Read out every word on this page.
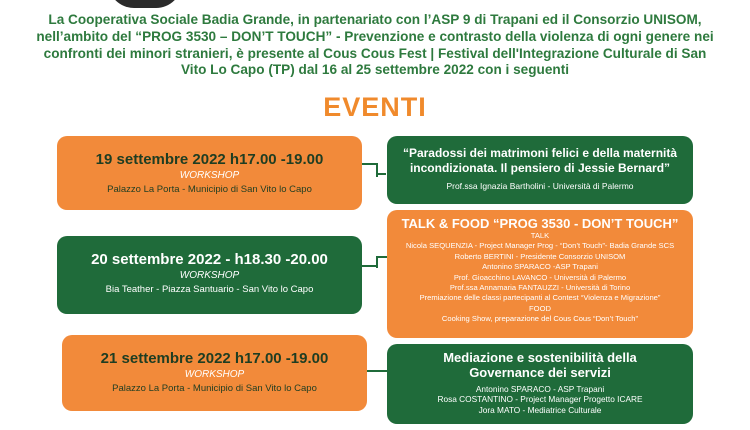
La Cooperativa Sociale Badia Grande, in partenariato con l’ASP 9 di Trapani ed il Consorzio UNISOM, nell’ambito del “PROG 3530 – DON’T TOUCH” - Prevenzione e contrasto della violenza di ogni genere nei confronti dei minori stranieri, è presente al Cous Cous Fest | Festival dell'Integrazione Culturale di San Vito Lo Capo (TP) dal 16 al 25 settembre 2022 con i seguenti

EVENTI
19 settembre 2022 h17.00 -19.00
WORKSHOP
Palazzo La Porta - Municipio di San Vito lo Capo
20 settembre 2022 - h18.30 -20.00
WORKSHOP
Bia Teather - Piazza Santuario - San Vito lo Capo
21 settembre 2022 h17.00 -19.00
WORKSHOP
Palazzo La Porta - Municipio di San Vito lo Capo
“Paradossi dei matrimoni felici e della maternità incondizionata. Il pensiero di Jessie Bernard”
Prof.ssa Ignazia Bartholini - Università di Palermo
TALK & FOOD “PROG 3530 - DON’T TOUCH”
TALK
Nicola SEQUENZIA - Project Manager Prog - “Don’t Touch”- Badia Grande SCS
Roberto BERTINI - Presidente Consorzio UNISOM
Antonino SPARACO -ASP Trapani
Prof. Gioacchino LAVANCO - Università di Palermo
Prof.ssa Annamaria FANTAUZZI - Università di Torino
Premiazione delle classi partecipanti al Contest “Violenza e Migrazione”
FOOD
Cooking Show, preparazione del Cous Cous “Don’t Touch”
Mediazione e sostenibilità della Governance dei servizi
Antonino SPARACO - ASP Trapani
Rosa COSTANTINO - Project Manager Progetto ICARE
Jora MATO - Mediatrice Culturale
